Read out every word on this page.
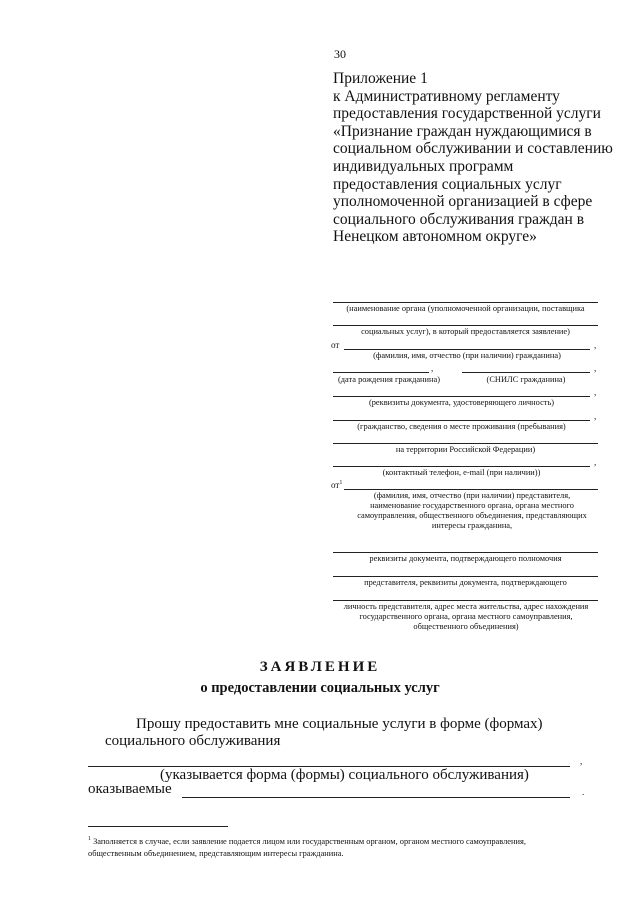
30
Приложение 1
к Административному регламенту
предоставления государственной услуги
«Признание граждан нуждающимися в
социальном обслуживании и составлению
индивидуальных программ
предоставления социальных услуг
уполномоченной организацией в сфере
социального обслуживания граждан в
Ненецком автономном округе»
(наименование органа (уполномоченной организации, поставщика
социальных услуг), в который предоставляется заявление)
от	,
(фамилия, имя, отчество (при наличии) гражданина)
,	,
(дата рождения гражданина)	(СНИЛС гражданина)
,
(реквизиты документа, удостоверяющего личность)
,
(гражданство, сведения о месте проживания (пребывания)
на территории Российской Федерации)
,
(контактный телефон, e-mail (при наличии))
$от^1$
(фамилия, имя, отчество (при наличии) представителя, наименование государственного органа, органа местного самоуправления, общественного объединения, представляющих интересы гражданина,
реквизиты документа, подтверждающего полномочия
представителя, реквизиты документа, подтверждающего
личность представителя, адрес места жительства, адрес нахождения государственного органа, органа местного самоуправления, общественного объединения)
ЗАЯВЛЕНИЕ
о предоставлении социальных услуг
Прошу предоставить мне социальные услуги в форме (формах)
социального обслуживания
,
(указывается форма (формы) социального обслуживания)
оказываемые	.
$^1$ Заполняется в случае, если заявление подается лицом или государственным органом, органом местного самоуправления, общественным объединением, представляющим интересы гражданина.
